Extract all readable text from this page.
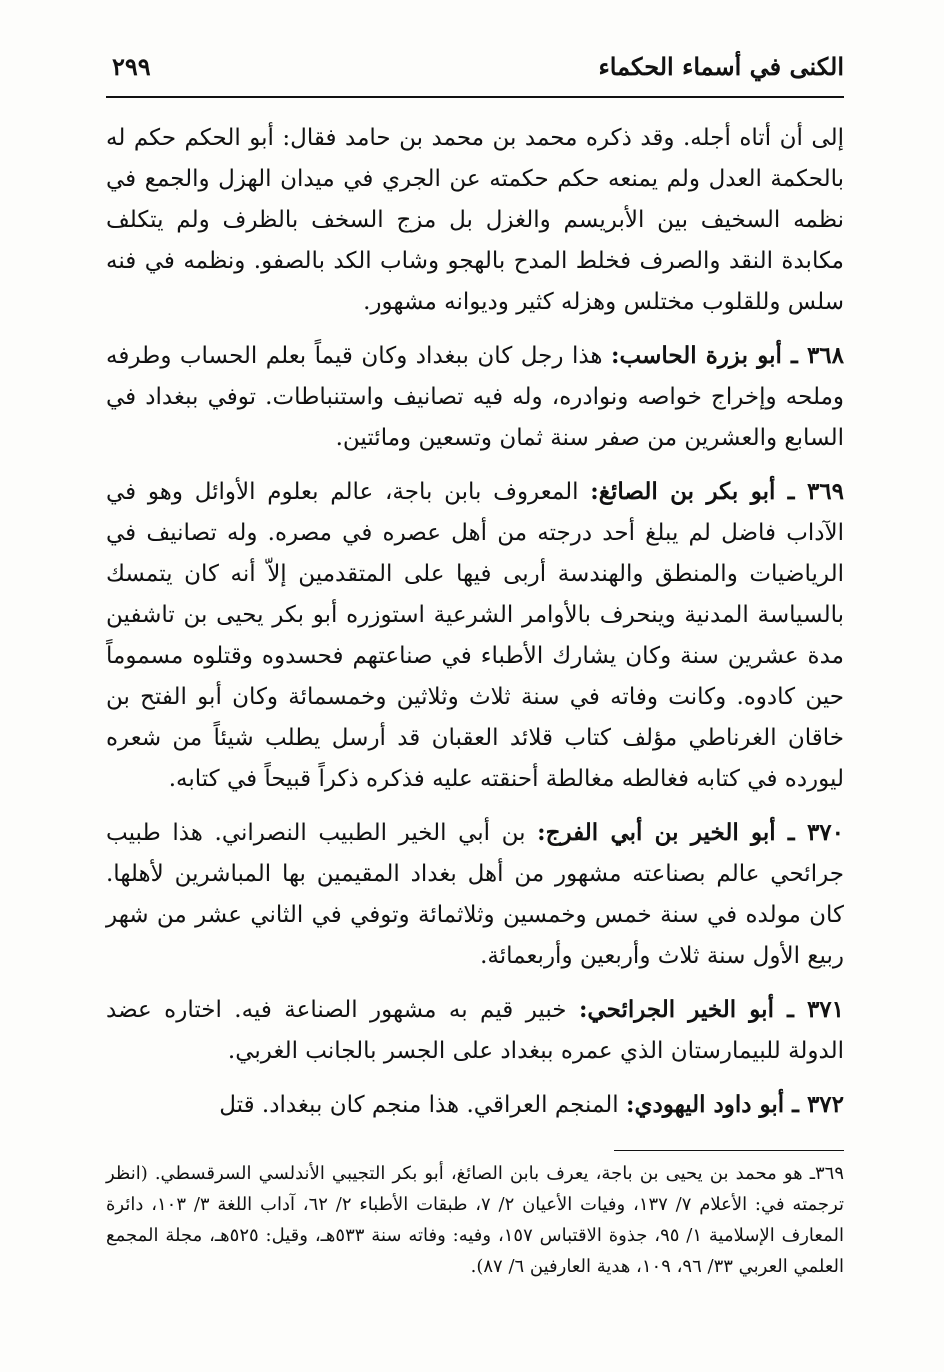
الكنى في أسماء الحكماء
٢٩٩

إلى أن أتاه أجله. وقد ذكره محمد بن محمد بن حامد فقال: أبو الحكم حكم له بالحكمة العدل ولم يمنعه حكم حكمته عن الجري في ميدان الهزل والجمع في نظمه السخيف بين الأبريسم والغزل بل مزج السخف بالظرف ولم يتكلف مكابدة النقد والصرف فخلط المدح بالهجو وشاب الكد بالصفو. ونظمه في فنه سلس وللقلوب مختلس وهزله كثير وديوانه مشهور.

٣٦٨ ـ أبو بزرة الحاسب: هذا رجل كان ببغداد وكان قيماً بعلم الحساب وطرفه وملحه وإخراج خواصه ونوادره، وله فيه تصانيف واستنباطات. توفي ببغداد في السابع والعشرين من صفر سنة ثمان وتسعين ومائتين.

٣٦٩ ـ أبو بكر بن الصائغ: المعروف بابن باجة، عالم بعلوم الأوائل وهو في الآداب فاضل لم يبلغ أحد درجته من أهل عصره في مصره. وله تصانيف في الرياضيات والمنطق والهندسة أربى فيها على المتقدمين إلاّ أنه كان يتمسك بالسياسة المدنية وينحرف بالأوامر الشرعية استوزره أبو بكر يحيى بن تاشفين مدة عشرين سنة وكان يشارك الأطباء في صناعتهم فحسدوه وقتلوه مسموماً حين كادوه. وكانت وفاته في سنة ثلاث وثلاثين وخمسمائة وكان أبو الفتح بن خاقان الغرناطي مؤلف كتاب قلائد العقبان قد أرسل يطلب شيئاً من شعره ليورده في كتابه فغالطه مغالطة أحنقته عليه فذكره ذكراً قبيحاً في كتابه.

٣٧٠ ـ أبو الخير بن أبي الفرج: بن أبي الخير الطبيب النصراني. هذا طبيب جرائحي عالم بصناعته مشهور من أهل بغداد المقيمين بها المباشرين لأهلها. كان مولده في سنة خمس وخمسين وثلاثمائة وتوفي في الثاني عشر من شهر ربيع الأول سنة ثلاث وأربعين وأربعمائة.

٣٧١ ـ أبو الخير الجرائحي: خبير قيم به مشهور الصناعة فيه. اختاره عضد الدولة للبيمارستان الذي عمره ببغداد على الجسر بالجانب الغربي.

٣٧٢ ـ أبو داود اليهودي: المنجم العراقي. هذا منجم كان ببغداد. قتل

٣٦٩ـ هو محمد بن يحيى بن باجة، يعرف بابن الصائغ، أبو بكر التجيبي الأندلسي السرقسطي. (انظر ترجمته في: الأعلام ٧/ ١٣٧، وفيات الأعيان ٢/ ٧، طبقات الأطباء ٢/ ٦٢، آداب اللغة ٣/ ١٠٣، دائرة المعارف الإسلامية ١/ ٩٥، جذوة الاقتباس ١٥٧، وفيه: وفاته سنة ٥٣٣هـ، وقيل: ٥٢٥هـ، مجلة المجمع العلمي العربي ٣٣/ ٩٦، ١٠٩، هدية العارفين ٦/ ٨٧).
